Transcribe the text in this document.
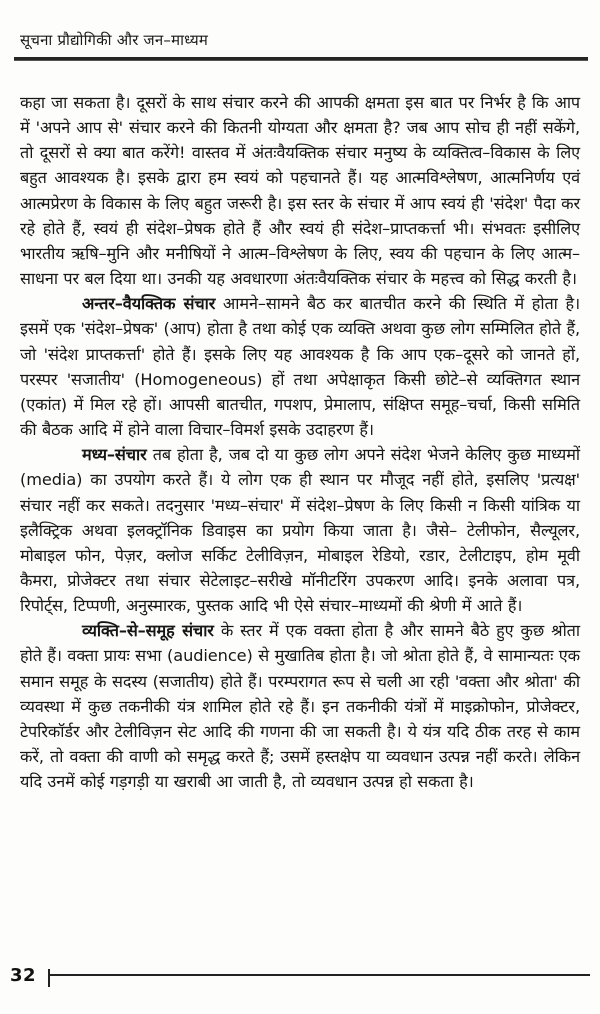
सूचना प्रौद्योगिकी और जन–माध्यम

कहा जा सकता है। दूसरों के साथ संचार करने की आपकी क्षमता इस बात पर निर्भर है कि आप में 'अपने आप से' संचार करने की कितनी योग्यता और क्षमता है? जब आप सोच ही नहीं सकेंगे, तो दूसरों से क्या बात करेंगे! वास्तव में अंतःवैयक्तिक संचार मनुष्य के व्यक्तित्व–विकास के लिए बहुत आवश्यक है। इसके द्वारा हम स्वयं को पहचानते हैं। यह आत्मविश्लेषण, आत्मनिर्णय एवं आत्मप्रेरण के विकास के लिए बहुत जरूरी है। इस स्तर के संचार में आप स्वयं ही 'संदेश' पैदा कर रहे होते हैं, स्वयं ही संदेश–प्रेषक होते हैं और स्वयं ही संदेश–प्राप्तकर्त्ता भी। संभवतः इसीलिए भारतीय ऋषि–मुनि और मनीषियों ने आत्म–विश्लेषण के लिए, स्वय की पहचान के लिए आत्म–साधना पर बल दिया था। उनकी यह अवधारणा अंतःवैयक्तिक संचार के महत्त्व को सिद्ध करती है।

अन्तर–वैयक्तिक संचार आमने–सामने बैठ कर बातचीत करने की स्थिति में होता है। इसमें एक 'संदेश–प्रेषक' (आप) होता है तथा कोई एक व्यक्ति अथवा कुछ लोग सम्मिलित होते हैं, जो 'संदेश प्राप्तकर्त्ता' होते हैं। इसके लिए यह आवश्यक है कि आप एक–दूसरे को जानते हों, परस्पर 'सजातीय' (Homogeneous) हों तथा अपेक्षाकृत किसी छोटे–से व्यक्तिगत स्थान (एकांत) में मिल रहे हों। आपसी बातचीत, गपशप, प्रेमालाप, संक्षिप्त समूह–चर्चा, किसी समिति की बैठक आदि में होने वाला विचार–विमर्श इसके उदाहरण हैं।

मध्य–संचार तब होता है, जब दो या कुछ लोग अपने संदेश भेजने केलिए कुछ माध्यमों (media) का उपयोग करते हैं। ये लोग एक ही स्थान पर मौजूद नहीं होते, इसलिए 'प्रत्यक्ष' संचार नहीं कर सकते। तदनुसार 'मध्य–संचार' में संदेश–प्रेषण के लिए किसी न किसी यांत्रिक या इलैक्ट्रिक अथवा इलक्ट्रॉनिक डिवाइस का प्रयोग किया जाता है। जैसे– टेलीफोन, सैल्यूलर, मोबाइल फोन, पेज़र, क्लोज सर्किट टेलीविज़न, मोबाइल रेडियो, रडार, टेलीटाइप, होम मूवी कैमरा, प्रोजेक्टर तथा संचार सेटेलाइट–सरीखे मॉनीटरिंग उपकरण आदि। इनके अलावा पत्र, रिपोर्ट्स, टिप्पणी, अनुस्मारक, पुस्तक आदि भी ऐसे संचार–माध्यमों की श्रेणी में आते हैं।

व्यक्ति–से–समूह संचार के स्तर में एक वक्ता होता है और सामने बैठे हुए कुछ श्रोता होते हैं। वक्ता प्रायः सभा (audience) से मुखातिब होता है। जो श्रोता होते हैं, वे सामान्यतः एक समान समूह के सदस्य (सजातीय) होते हैं। परम्परागत रूप से चली आ रही 'वक्ता और श्रोता' की व्यवस्था में कुछ तकनीकी यंत्र शामिल होते रहे हैं। इन तकनीकी यंत्रों में माइक्रोफोन, प्रोजेक्टर, टेपरिकॉर्डर और टेलीविज़न सेट आदि की गणना की जा सकती है। ये यंत्र यदि ठीक तरह से काम करें, तो वक्ता की वाणी को समृद्ध करते हैं; उसमें हस्तक्षेप या व्यवधान उत्पन्न नहीं करते। लेकिन यदि उनमें कोई गड़गड़ी या खराबी आ जाती है, तो व्यवधान उत्पन्न हो सकता है।

32
